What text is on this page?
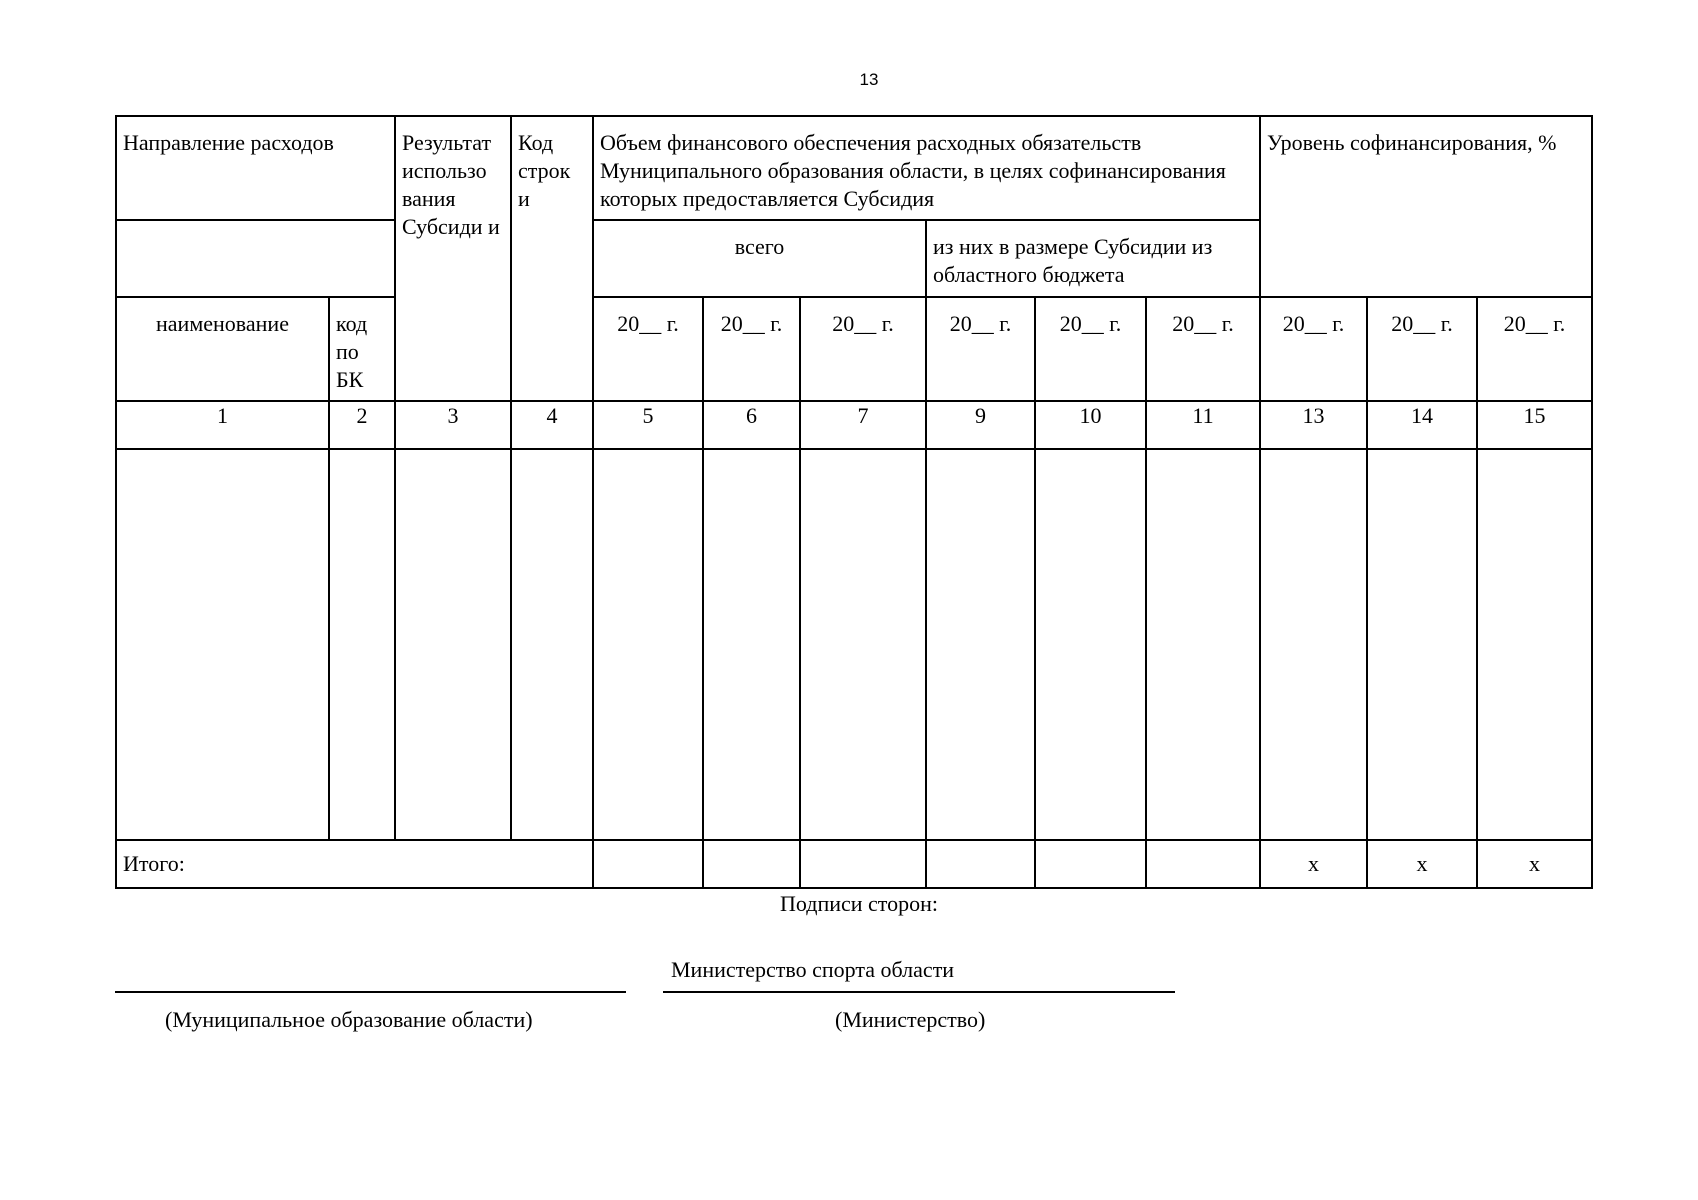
13
Направление расходов		Результат использо вания Субсиди и	Код строк и	Объем финансового обеспечения расходных обязательств Муниципального образования области, в целях софинансирования которых предоставляется Субсидия						Уровень софинансирования, %		
				всего			из них в размере Субсидии из областного бюджета					
наименование	код по БК			20__ г.	20__ г.	20__ г.	20__ г.	20__ г.	20__ г.	20__ г.	20__ г.	20__ г.
1	2	3	4	5	6	7	9	10	11	13	14	15

Итого:										x	x	x
Подписи сторон:
Министерство спорта области
(Муниципальное образование области)	(Министерство)
